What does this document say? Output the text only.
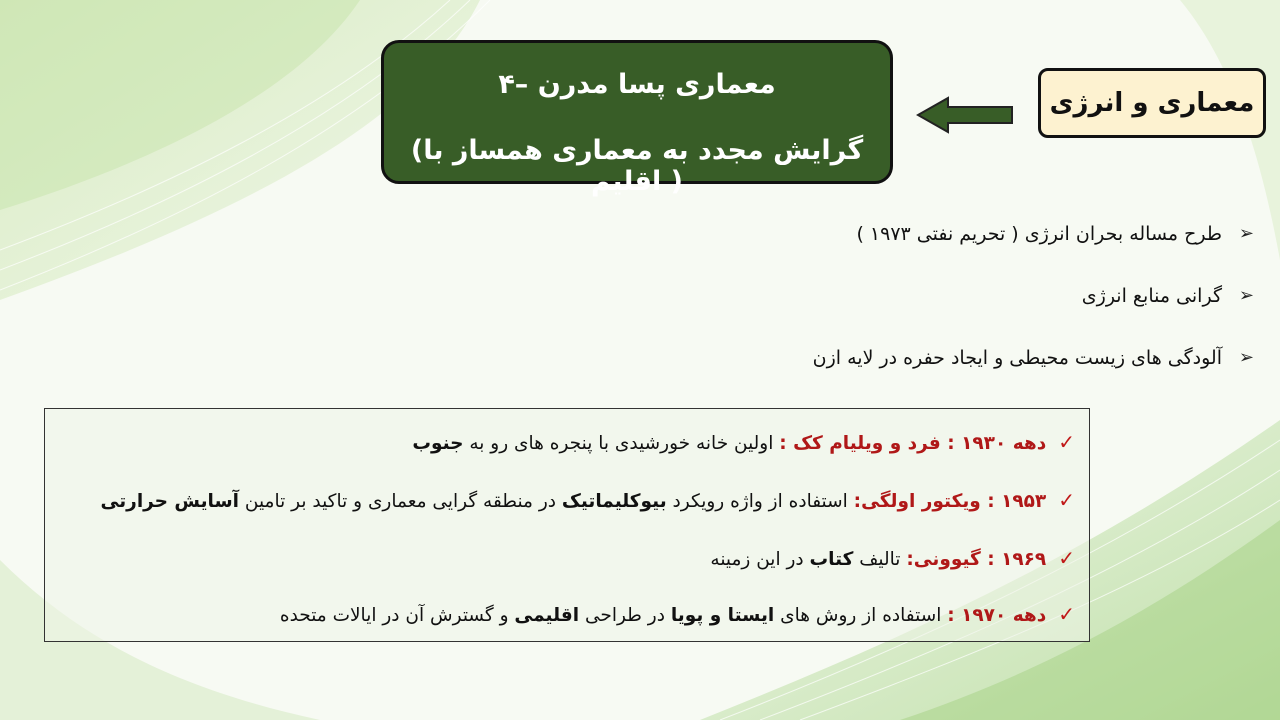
۴– معماری پسا مدرن
(گرایش مجدد به معماری همساز با اقلیم )
معماری و انرژی
➢
طرح مساله بحران انرژی ( تحریم نفتی ۱۹۷۳ )
➢
گرانی منابع انرژی
➢
آلودگی های زیست محیطی و ایجاد حفره در لایه ازن
✓دهه ۱۹۳۰ : فرد و ویلیام کک : اولین خانه خورشیدی با پنجره های رو به جنوب
✓۱۹۵۳ : ویکتور اولگی: استفاده از واژه رویکرد بیوکلیماتیک در منطقه گرایی معماری و تاکید بر تامین آسایش حرارتی
✓۱۹۶۹ : گیوونی: تالیف کتاب در این زمینه
✓دهه ۱۹۷۰ : استفاده از روش های ایستا و پویا در طراحی اقلیمی و گسترش آن در ایالات متحده
